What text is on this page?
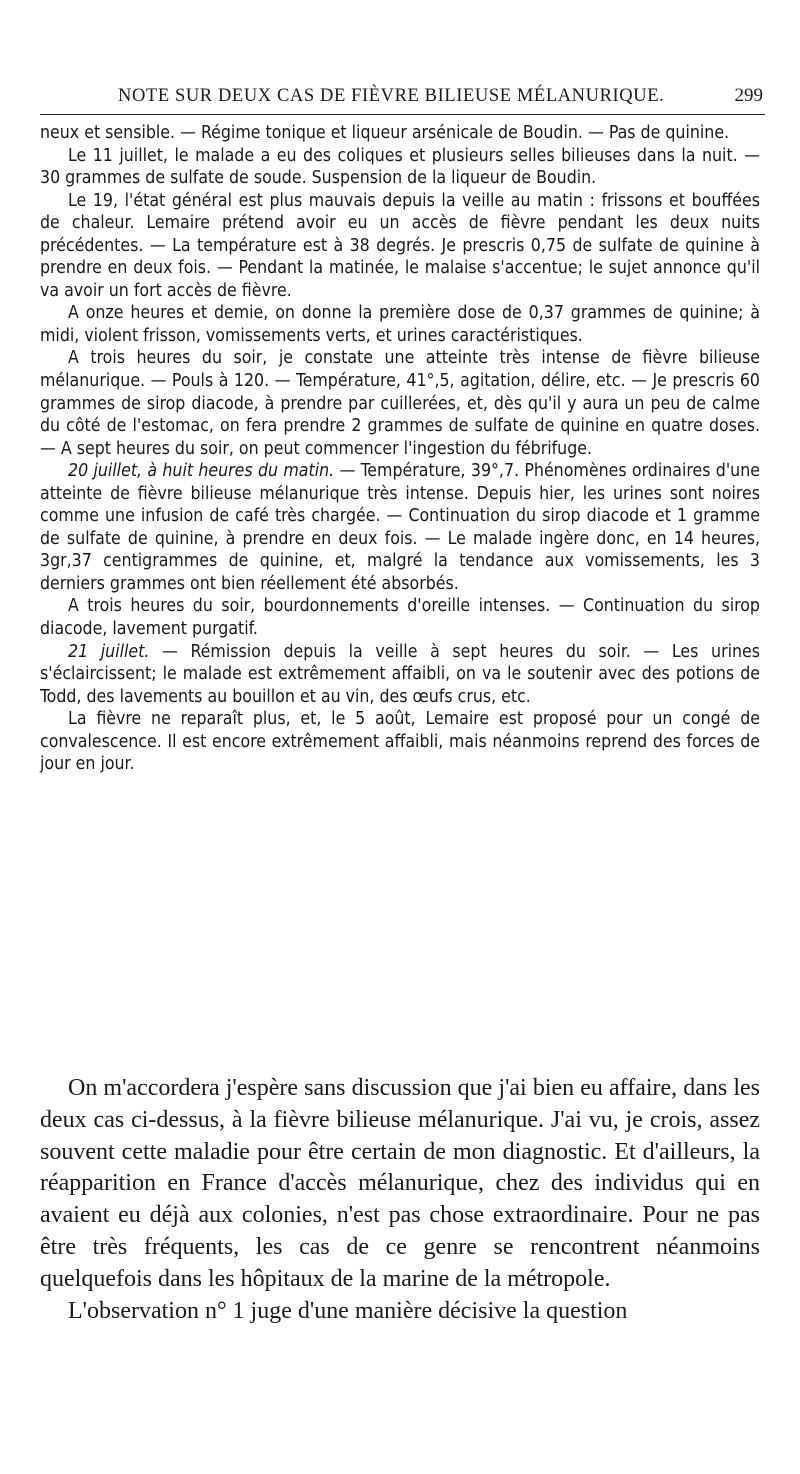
NOTE SUR DEUX CAS DE FIÈVRE BILIEUSE MÉLANURIQUE.	299

neux et sensible. — Régime tonique et liqueur arsénicale de Boudin. — Pas de quinine.

Le 11 juillet, le malade a eu des coliques et plusieurs selles bilieuses dans la nuit. — 30 grammes de sulfate de soude. Suspension de la liqueur de Boudin.

Le 19, l'état général est plus mauvais depuis la veille au matin : frissons et bouffées de chaleur. Lemaire prétend avoir eu un accès de fièvre pendant les deux nuits précédentes. — La température est à 38 degrés. Je prescris 0,75 de sulfate de quinine à prendre en deux fois. — Pendant la matinée, le malaise s'accentue; le sujet annonce qu'il va avoir un fort accès de fièvre.

A onze heures et demie, on donne la première dose de 0,37 grammes de quinine; à midi, violent frisson, vomissements verts, et urines caractéristiques.

A trois heures du soir, je constate une atteinte très intense de fièvre bilieuse mélanurique. — Pouls à 120. — Température, 41°,5, agitation, délire, etc. — Je prescris 60 grammes de sirop diacode, à prendre par cuillerées, et, dès qu'il y aura un peu de calme du côté de l'estomac, on fera prendre 2 grammes de sulfate de quinine en quatre doses. — A sept heures du soir, on peut commencer l'ingestion du fébrifuge.

20 juillet, à huit heures du matin. — Température, 39°,7. Phénomènes ordinaires d'une atteinte de fièvre bilieuse mélanurique très intense. Depuis hier, les urines sont noires comme une infusion de café très chargée. — Continuation du sirop diacode et 1 gramme de sulfate de quinine, à prendre en deux fois. — Le malade ingère donc, en 14 heures, 3gr,37 centigrammes de quinine, et, malgré la tendance aux vomissements, les 3 derniers grammes ont bien réellement été absorbés.

A trois heures du soir, bourdonnements d'oreille intenses. — Continuation du sirop diacode, lavement purgatif.

21 juillet. — Rémission depuis la veille à sept heures du soir. — Les urines s'éclaircissent; le malade est extrêmement affaibli, on va le soutenir avec des potions de Todd, des lavements au bouillon et au vin, des œufs crus, etc.

La fièvre ne reparaît plus, et, le 5 août, Lemaire est proposé pour un congé de convalescence. Il est encore extrêmement affaibli, mais néanmoins reprend des forces de jour en jour.

On m'accordera j'espère sans discussion que j'ai bien eu affaire, dans les deux cas ci-dessus, à la fièvre bilieuse mélanurique. J'ai vu, je crois, assez souvent cette maladie pour être certain de mon diagnostic. Et d'ailleurs, la réapparition en France d'accès mélanurique, chez des individus qui en avaient eu déjà aux colonies, n'est pas chose extraordinaire. Pour ne pas être très fréquents, les cas de ce genre se rencontrent néanmoins quelquefois dans les hôpitaux de la marine de la métropole.

L'observation n° 1 juge d'une manière décisive la question
